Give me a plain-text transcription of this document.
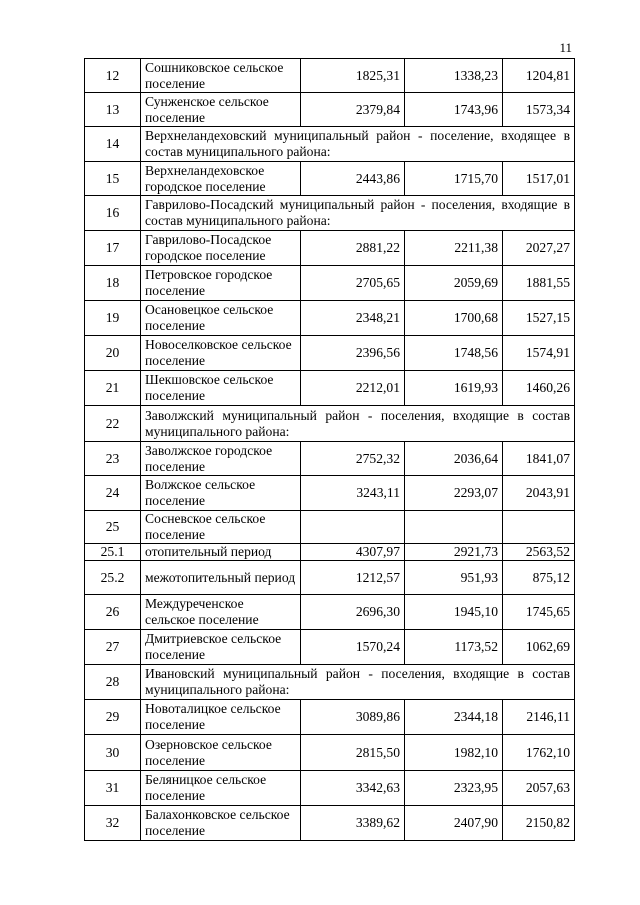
11
12	Сошниковское сельское поселение	1825,31	1338,23	1204,81
13	Сунженское сельское поселение	2379,84	1743,96	1573,34
14	Верхнеландеховский муниципальный район - поселение, входящее в состав муниципального района:			
15	Верхнеландеховское городское поселение	2443,86	1715,70	1517,01
16	Гаврилово-Посадский муниципальный район - поселения, входящие в состав муниципального района:			
17	Гаврилово-Посадское городское поселение	2881,22	2211,38	2027,27
18	Петровское городское поселение	2705,65	2059,69	1881,55
19	Осановецкое сельское поселение	2348,21	1700,68	1527,15
20	Новоселковское сельское поселение	2396,56	1748,56	1574,91
21	Шекшовское сельское поселение	2212,01	1619,93	1460,26
22	Заволжский муниципальный район - поселения, входящие в состав муниципального района:			
23	Заволжское городское поселение	2752,32	2036,64	1841,07
24	Волжское сельское поселение	3243,11	2293,07	2043,91
25	Сосневское сельское поселение			
25.1	отопительный период	4307,97	2921,73	2563,52
25.2	межотопительный период	1212,57	951,93	875,12
26	Междуреченское сельское поселение	2696,30	1945,10	1745,65
27	Дмитриевское сельское поселение	1570,24	1173,52	1062,69
28	Ивановский муниципальный район - поселения, входящие в состав муниципального района:			
29	Новоталицкое сельское поселение	3089,86	2344,18	2146,11
30	Озерновское сельское поселение	2815,50	1982,10	1762,10
31	Беляницкое сельское поселение	3342,63	2323,95	2057,63
32	Балахонковское сельское поселение	3389,62	2407,90	2150,82
